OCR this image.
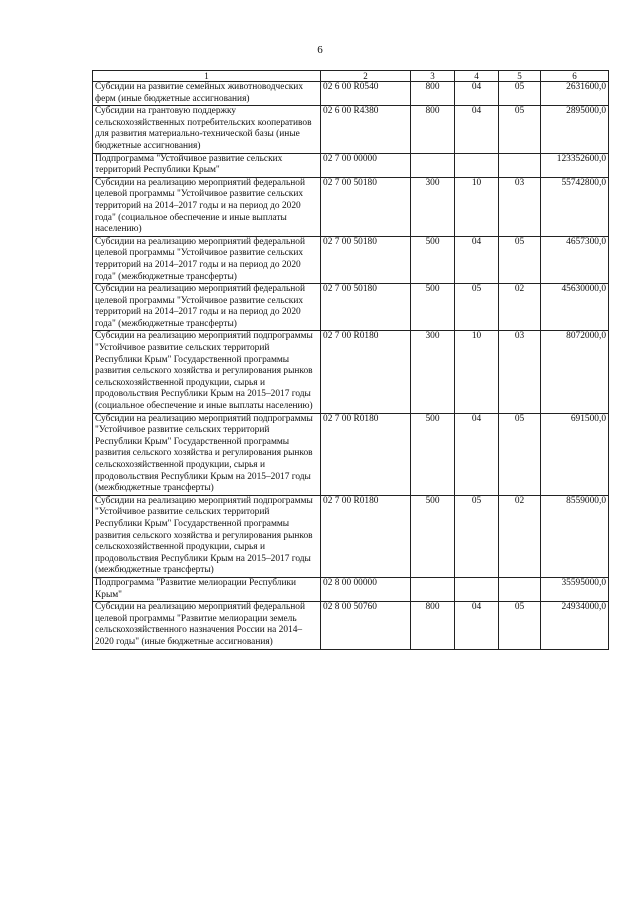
6
1	2	3	4	5	6
Субсидии на развитие семейных животноводческих ферм (иные бюджетные ассигнования)	02 6 00 R0540	800	04	05	2631600,0
Субсидии на грантовую поддержку сельскохозяйственных потребительских кооперативов для развития материально-технической базы (иные бюджетные ассигнования)	02 6 00 R4380	800	04	05	2895000,0
Подпрограмма "Устойчивое развитие сельских территорий Республики Крым"	02 7 00 00000				123352600,0
Субсидии на реализацию мероприятий федеральной целевой программы "Устойчивое развитие сельских территорий на 2014–2017 годы и на период до 2020 года" (социальное обеспечение и иные выплаты населению)	02 7 00 50180	300	10	03	55742800,0
Субсидии на реализацию мероприятий федеральной целевой программы "Устойчивое развитие сельских территорий на 2014–2017 годы и на период до 2020 года" (межбюджетные трансферты)	02 7 00 50180	500	04	05	4657300,0
Субсидии на реализацию мероприятий федеральной целевой программы "Устойчивое развитие сельских территорий на 2014–2017 годы и на период до 2020 года" (межбюджетные трансферты)	02 7 00 50180	500	05	02	45630000,0
Субсидии на реализацию мероприятий подпрограммы "Устойчивое развитие сельских территорий Республики Крым" Государственной программы развития сельского хозяйства и регулирования рынков сельскохозяйственной продукции, сырья и продовольствия Республики Крым на 2015–2017 годы (социальное обеспечение и иные выплаты населению)	02 7 00 R0180	300	10	03	8072000,0
Субсидии на реализацию мероприятий подпрограммы "Устойчивое развитие сельских территорий Республики Крым" Государственной программы развития сельского хозяйства и регулирования рынков сельскохозяйственной продукции, сырья и продовольствия Республики Крым на 2015–2017 годы (межбюджетные трансферты)	02 7 00 R0180	500	04	05	691500,0
Субсидии на реализацию мероприятий подпрограммы "Устойчивое развитие сельских территорий Республики Крым" Государственной программы развития сельского хозяйства и регулирования рынков сельскохозяйственной продукции, сырья и продовольствия Республики Крым на 2015–2017 годы (межбюджетные трансферты)	02 7 00 R0180	500	05	02	8559000,0
Подпрограмма "Развитие мелиорации Республики Крым"	02 8 00 00000				35595000,0
Субсидии на реализацию мероприятий федеральной целевой программы "Развитие мелиорации земель сельскохозяйственного назначения России на 2014–2020 годы" (иные бюджетные ассигнования)	02 8 00 50760	800	04	05	24934000,0
